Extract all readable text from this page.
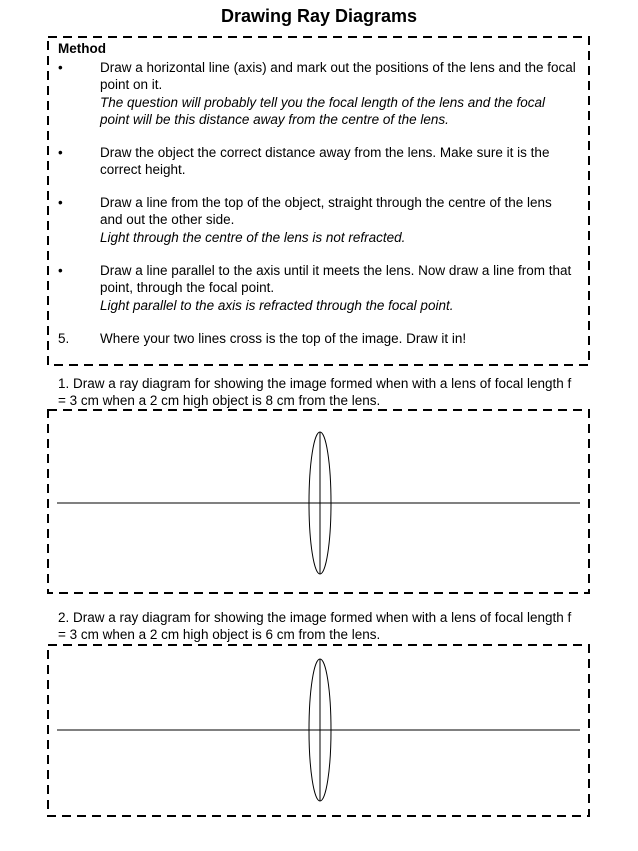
Drawing Ray Diagrams
Method
•	Draw a horizontal line (axis) and mark out the positions of the lens and the focal point on it.
The question will probably tell you the focal length of the lens and the focal point will be this distance away from the centre of the lens.
•	Draw the object the correct distance away from the lens. Make sure it is the correct height.
•	Draw a line from the top of the object, straight through the centre of the lens and out the other side.
Light through the centre of the lens is not refracted.
•	Draw a line parallel to the axis until it meets the lens. Now draw a line from that point, through the focal point.
Light parallel to the axis is refracted through the focal point.
5.	Where your two lines cross is the top of the image. Draw it in!
1. Draw a ray diagram for showing the image formed when with a lens of focal length f = 3 cm when a 2 cm high object is 8 cm from the lens.
2. Draw a ray diagram for showing the image formed when with a lens of focal length f = 3 cm when a 2 cm high object is 6 cm from the lens.
